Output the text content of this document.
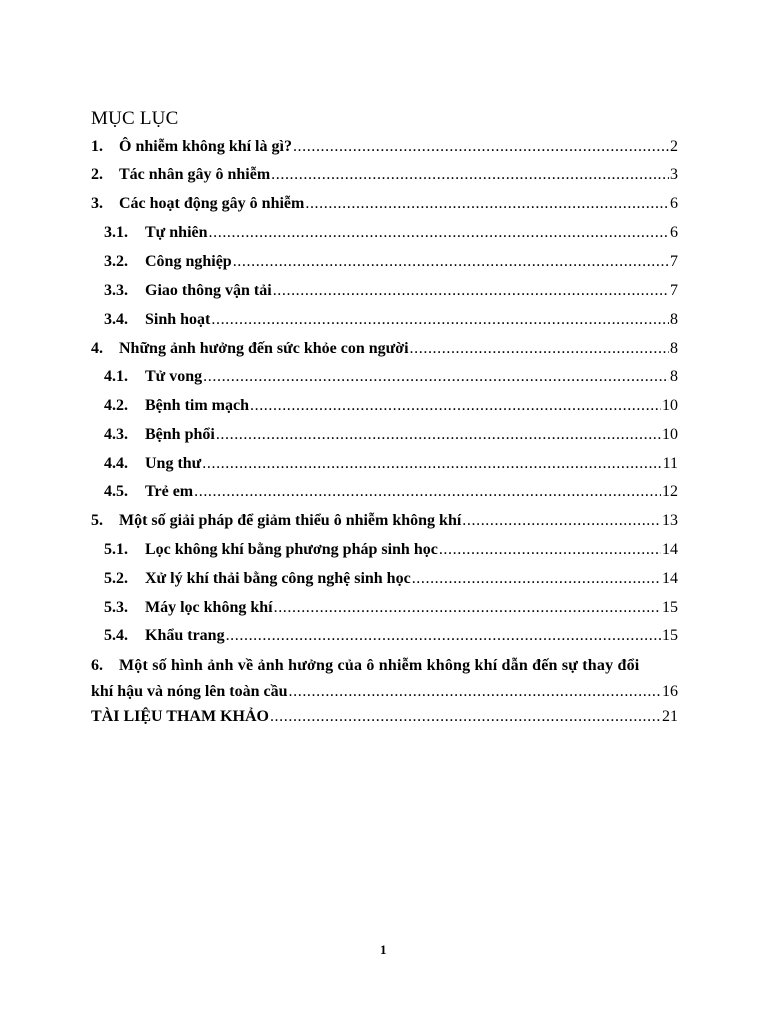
MỤC LỤC
1.	Ô nhiễm không khí là gì? .....	2
2.	Tác nhân gây ô nhiễm .....	3
3.	Các hoạt động gây ô nhiễm .....	6
3.1.	Tự nhiên .....	6
3.2.	Công nghiệp .....	7
3.3.	Giao thông vận tải .....	7
3.4.	Sinh hoạt .....	8
4.	Những ảnh hưởng đến sức khỏe con người .....	8
4.1.	Tử vong .....	8
4.2.	Bệnh tim mạch .....	10
4.3.	Bệnh phổi .....	10
4.4.	Ung thư .....	11
4.5.	Trẻ em .....	12
5.	Một số giải pháp để giảm thiểu ô nhiễm không khí .....	13
5.1.	Lọc không khí bằng phương pháp sinh học .....	14
5.2.	Xử lý khí thải bằng công nghệ sinh học .....	14
5.3.	Máy lọc không khí .....	15
5.4.	Khẩu trang .....	15
6.	Một số hình ảnh về ảnh hưởng của ô nhiễm không khí dẫn đến sự thay đổi
khí hậu và nóng lên toàn cầu .....	16
TÀI LIỆU THAM KHẢO .....	21
1
